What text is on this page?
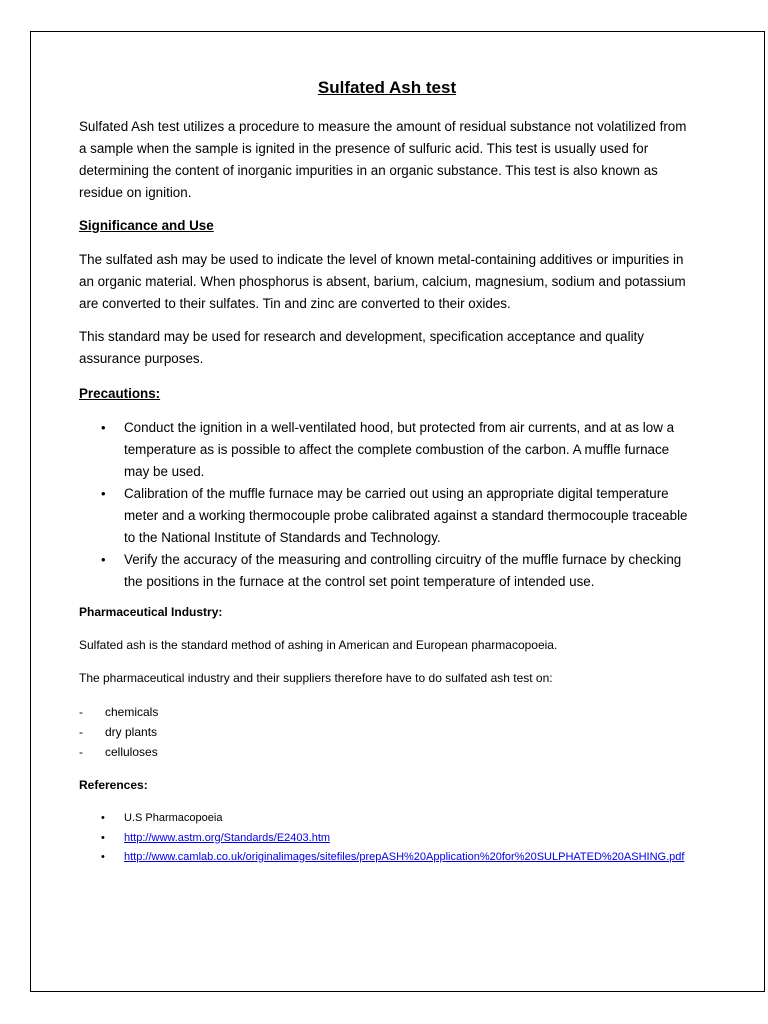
Sulfated Ash test

Sulfated Ash test utilizes a procedure to measure the amount of residual substance not volatilized from a sample when the sample is ignited in the presence of sulfuric acid. This test is usually used for determining the content of inorganic impurities in an organic substance. This test is also known as residue on ignition.

Significance and Use

The sulfated ash may be used to indicate the level of known metal-containing additives or impurities in an organic material. When phosphorus is absent, barium, calcium, magnesium, sodium and potassium are converted to their sulfates. Tin and zinc are converted to their oxides.

This standard may be used for research and development, specification acceptance and quality assurance purposes.

Precautions:
• Conduct the ignition in a well-ventilated hood, but protected from air currents, and at as low a temperature as is possible to affect the complete combustion of the carbon. A muffle furnace may be used.
• Calibration of the muffle furnace may be carried out using an appropriate digital temperature meter and a working thermocouple probe calibrated against a standard thermocouple traceable to the National Institute of Standards and Technology.
• Verify the accuracy of the measuring and controlling circuitry of the muffle furnace by checking the positions in the furnace at the control set point temperature of intended use.
Pharmaceutical Industry:

Sulfated ash is the standard method of ashing in American and European pharmacopoeia.

The pharmaceutical industry and their suppliers therefore have to do sulfated ash test on:

- chemicals
- dry plants
- celluloses
References:
• U.S Pharmacopoeia
• http://www.astm.org/Standards/E2403.htm
• http://www.camlab.co.uk/originalimages/sitefiles/prepASH%20Application%20for%20SULPHATED%20ASHING.pdf
